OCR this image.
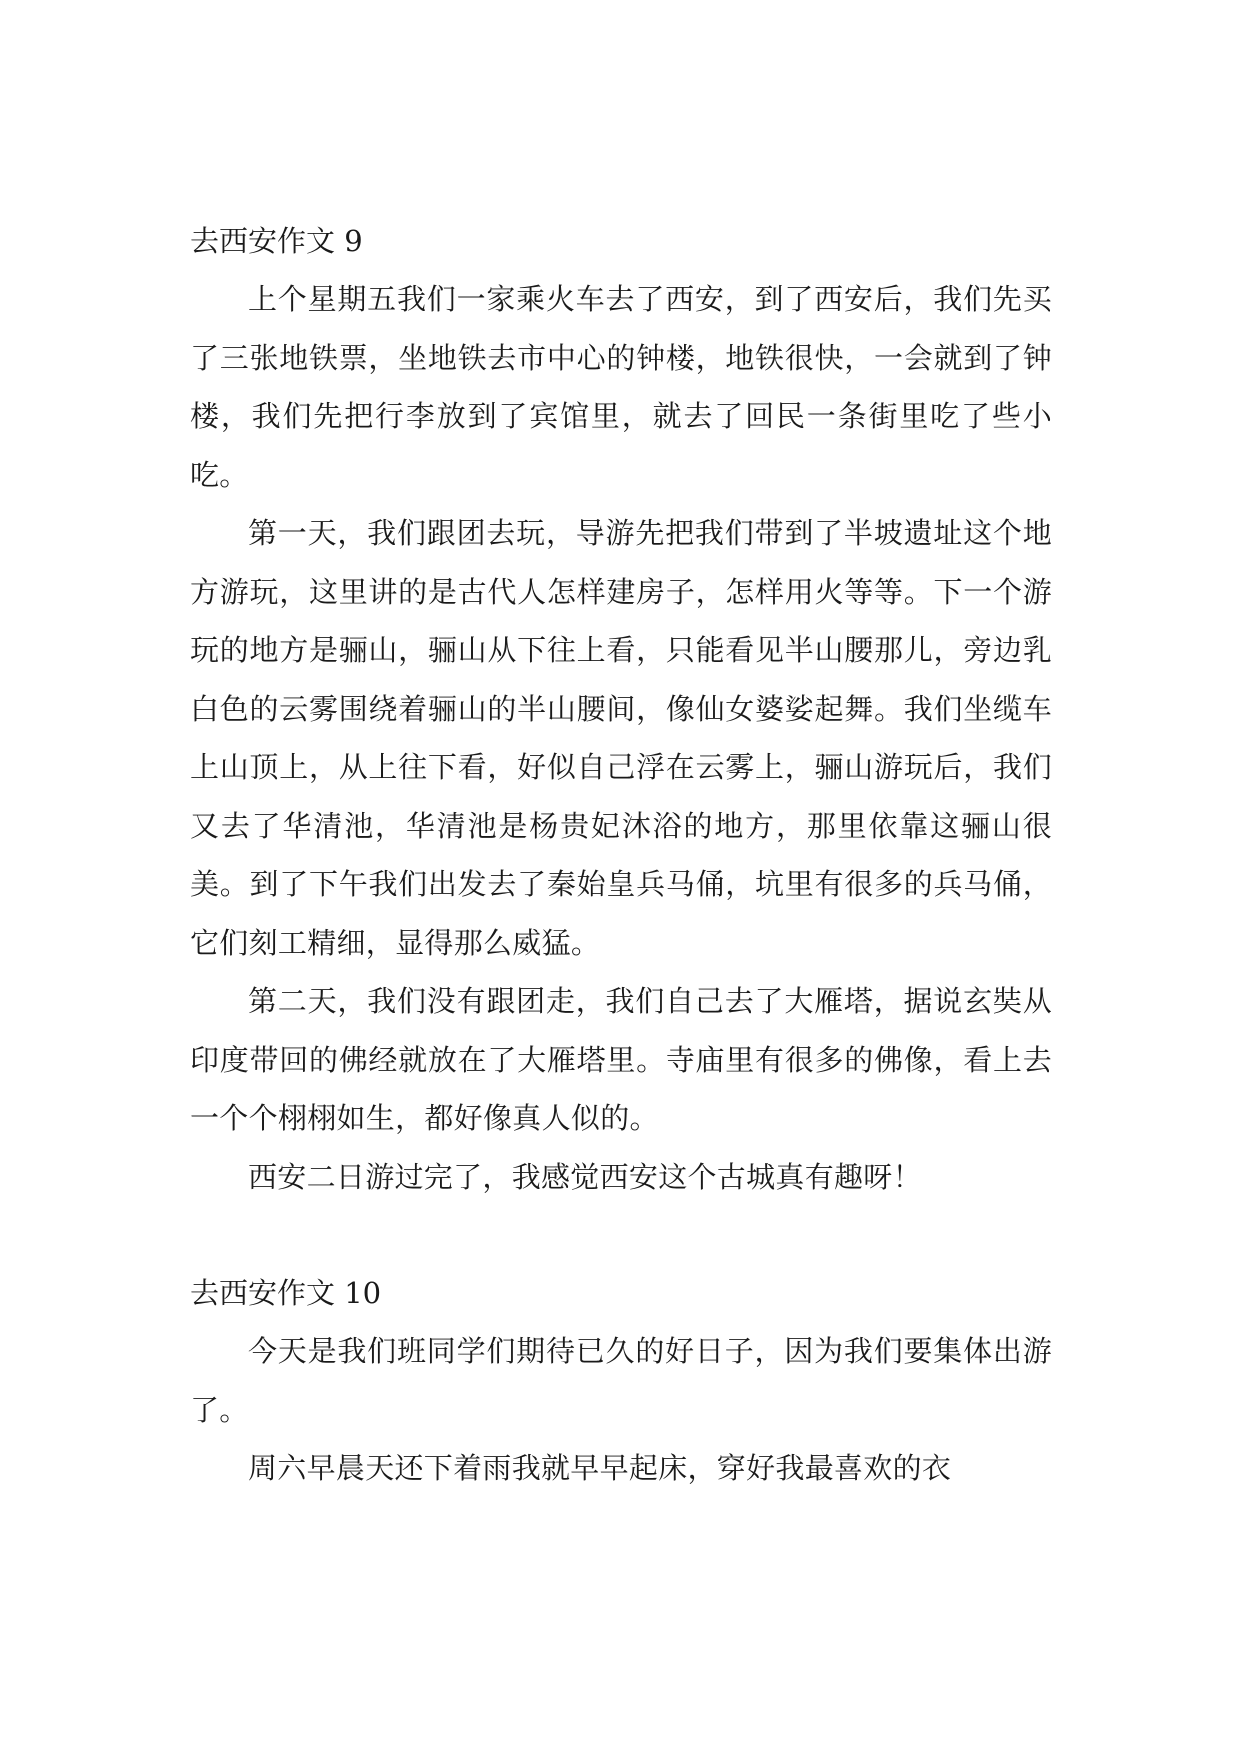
去西安作文 9

上个星期五我们一家乘火车去了西安，到了西安后，我们先买了三张地铁票，坐地铁去市中心的钟楼，地铁很快，一会就到了钟楼，我们先把行李放到了宾馆里，就去了回民一条街里吃了些小吃。

第一天，我们跟团去玩，导游先把我们带到了半坡遗址这个地方游玩，这里讲的是古代人怎样建房子，怎样用火等等。下一个游玩的地方是骊山，骊山从下往上看，只能看见半山腰那儿，旁边乳白色的云雾围绕着骊山的半山腰间，像仙女婆娑起舞。我们坐缆车上山顶上，从上往下看，好似自己浮在云雾上，骊山游玩后，我们又去了华清池，华清池是杨贵妃沐浴的地方，那里依靠这骊山很美。到了下午我们出发去了秦始皇兵马俑，坑里有很多的兵马俑，它们刻工精细，显得那么威猛。

第二天，我们没有跟团走，我们自己去了大雁塔，据说玄奘从印度带回的佛经就放在了大雁塔里。寺庙里有很多的佛像，看上去一个个栩栩如生，都好像真人似的。

西安二日游过完了，我感觉西安这个古城真有趣呀！

去西安作文 10

今天是我们班同学们期待已久的好日子，因为我们要集体出游了。

周六早晨天还下着雨我就早早起床，穿好我最喜欢的衣
